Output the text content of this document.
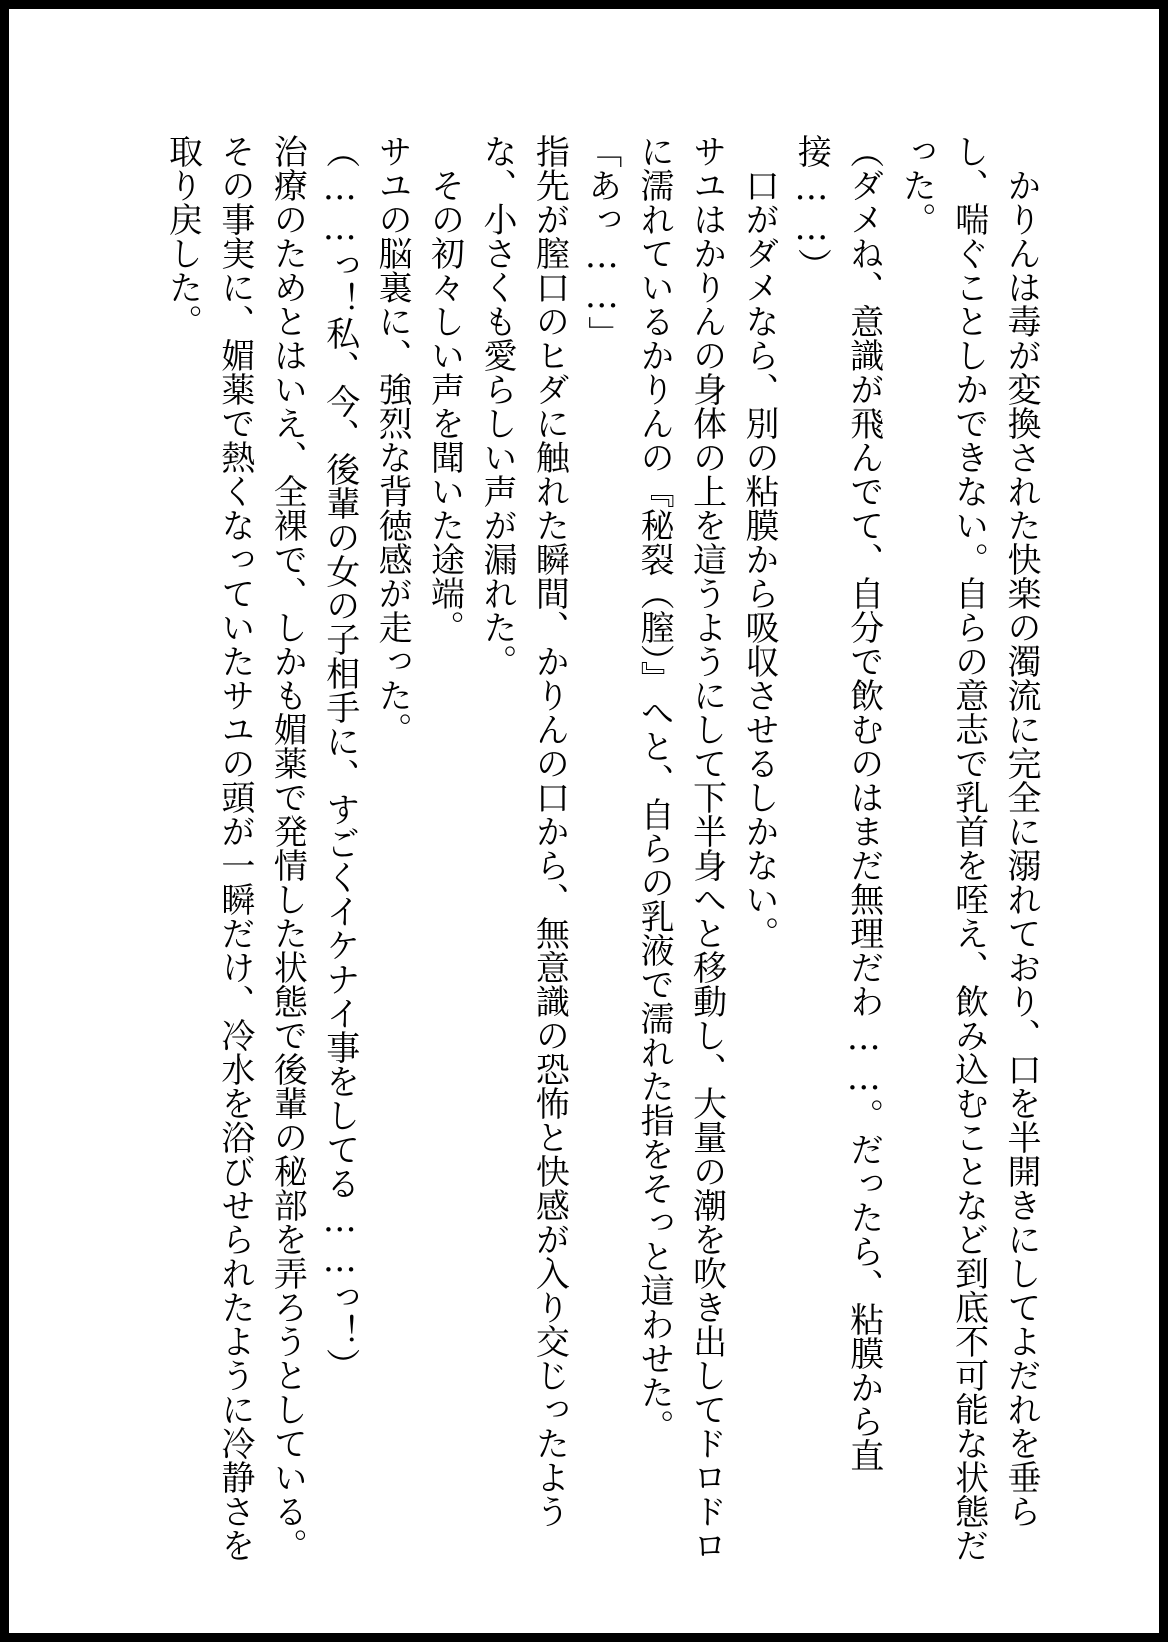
かりんは毒が変換された快楽の濁流に完全に溺れており、口を半開きにしてよだれを垂らし、喘ぐことしかできない。自らの意志で乳首を咥え、飲み込むことなど到底不可能な状態だった。

（ダメね、意識が飛んでて、自分で飲むのはまだ無理だわ……。だったら、粘膜から直接……）

口がダメなら、別の粘膜から吸収させるしかない。

サユはかりんの身体の上を這うようにして下半身へと移動し、大量の潮を吹き出してドロドロに濡れているかりんの『秘裂（膣）』へと、自らの乳液で濡れた指をそっと這わせた。

「あっ……」

指先が膣口のヒダに触れた瞬間、かりんの口から、無意識の恐怖と快感が入り交じったような、小さくも愛らしい声が漏れた。

その初々しい声を聞いた途端。

サユの脳裏に、強烈な背徳感が走った。

（……っ！私、今、後輩の女の子相手に、すごくイケナイ事をしてる……っ！）

治療のためとはいえ、全裸で、しかも媚薬で発情した状態で後輩の秘部を弄ろうとしている。その事実に、媚薬で熱くなっていたサユの頭が一瞬だけ、冷水を浴びせられたように冷静さを取り戻した。
